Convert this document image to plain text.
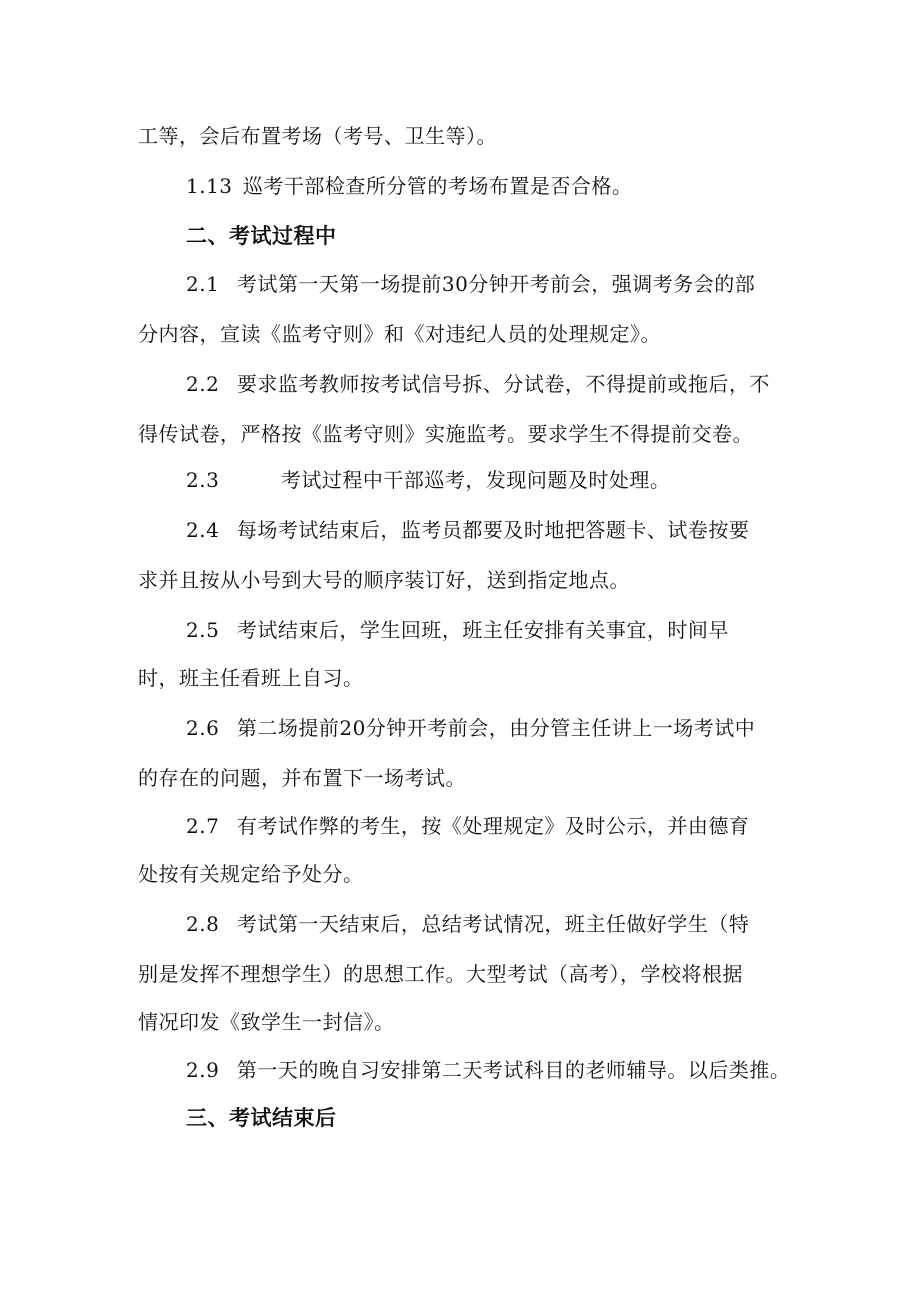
工等，会后布置考场（考号、卫生等）。
1.13 巡考干部检查所分管的考场布置是否合格。
二、考试过程中
2.1 考试第一天第一场提前30分钟开考前会，强调考务会的部
分内容，宣读《监考守则》和《对违纪人员的处理规定》。
2.2 要求监考教师按考试信号拆、分试卷，不得提前或拖后，不
得传试卷，严格按《监考守则》实施监考。要求学生不得提前交卷。
2.3	考试过程中干部巡考，发现问题及时处理。
2.4 每场考试结束后，监考员都要及时地把答题卡、试卷按要
求并且按从小号到大号的顺序装订好，送到指定地点。
2.5 考试结束后，学生回班，班主任安排有关事宜，时间早
时，班主任看班上自习。
2.6 第二场提前20分钟开考前会，由分管主任讲上一场考试中
的存在的问题，并布置下一场考试。
2.7 有考试作弊的考生，按《处理规定》及时公示，并由德育
处按有关规定给予处分。
2.8 考试第一天结束后，总结考试情况，班主任做好学生（特
别是发挥不理想学生）的思想工作。大型考试（高考），学校将根据
情况印发《致学生一封信》。
2.9 第一天的晚自习安排第二天考试科目的老师辅导。以后类推。
三、考试结束后
